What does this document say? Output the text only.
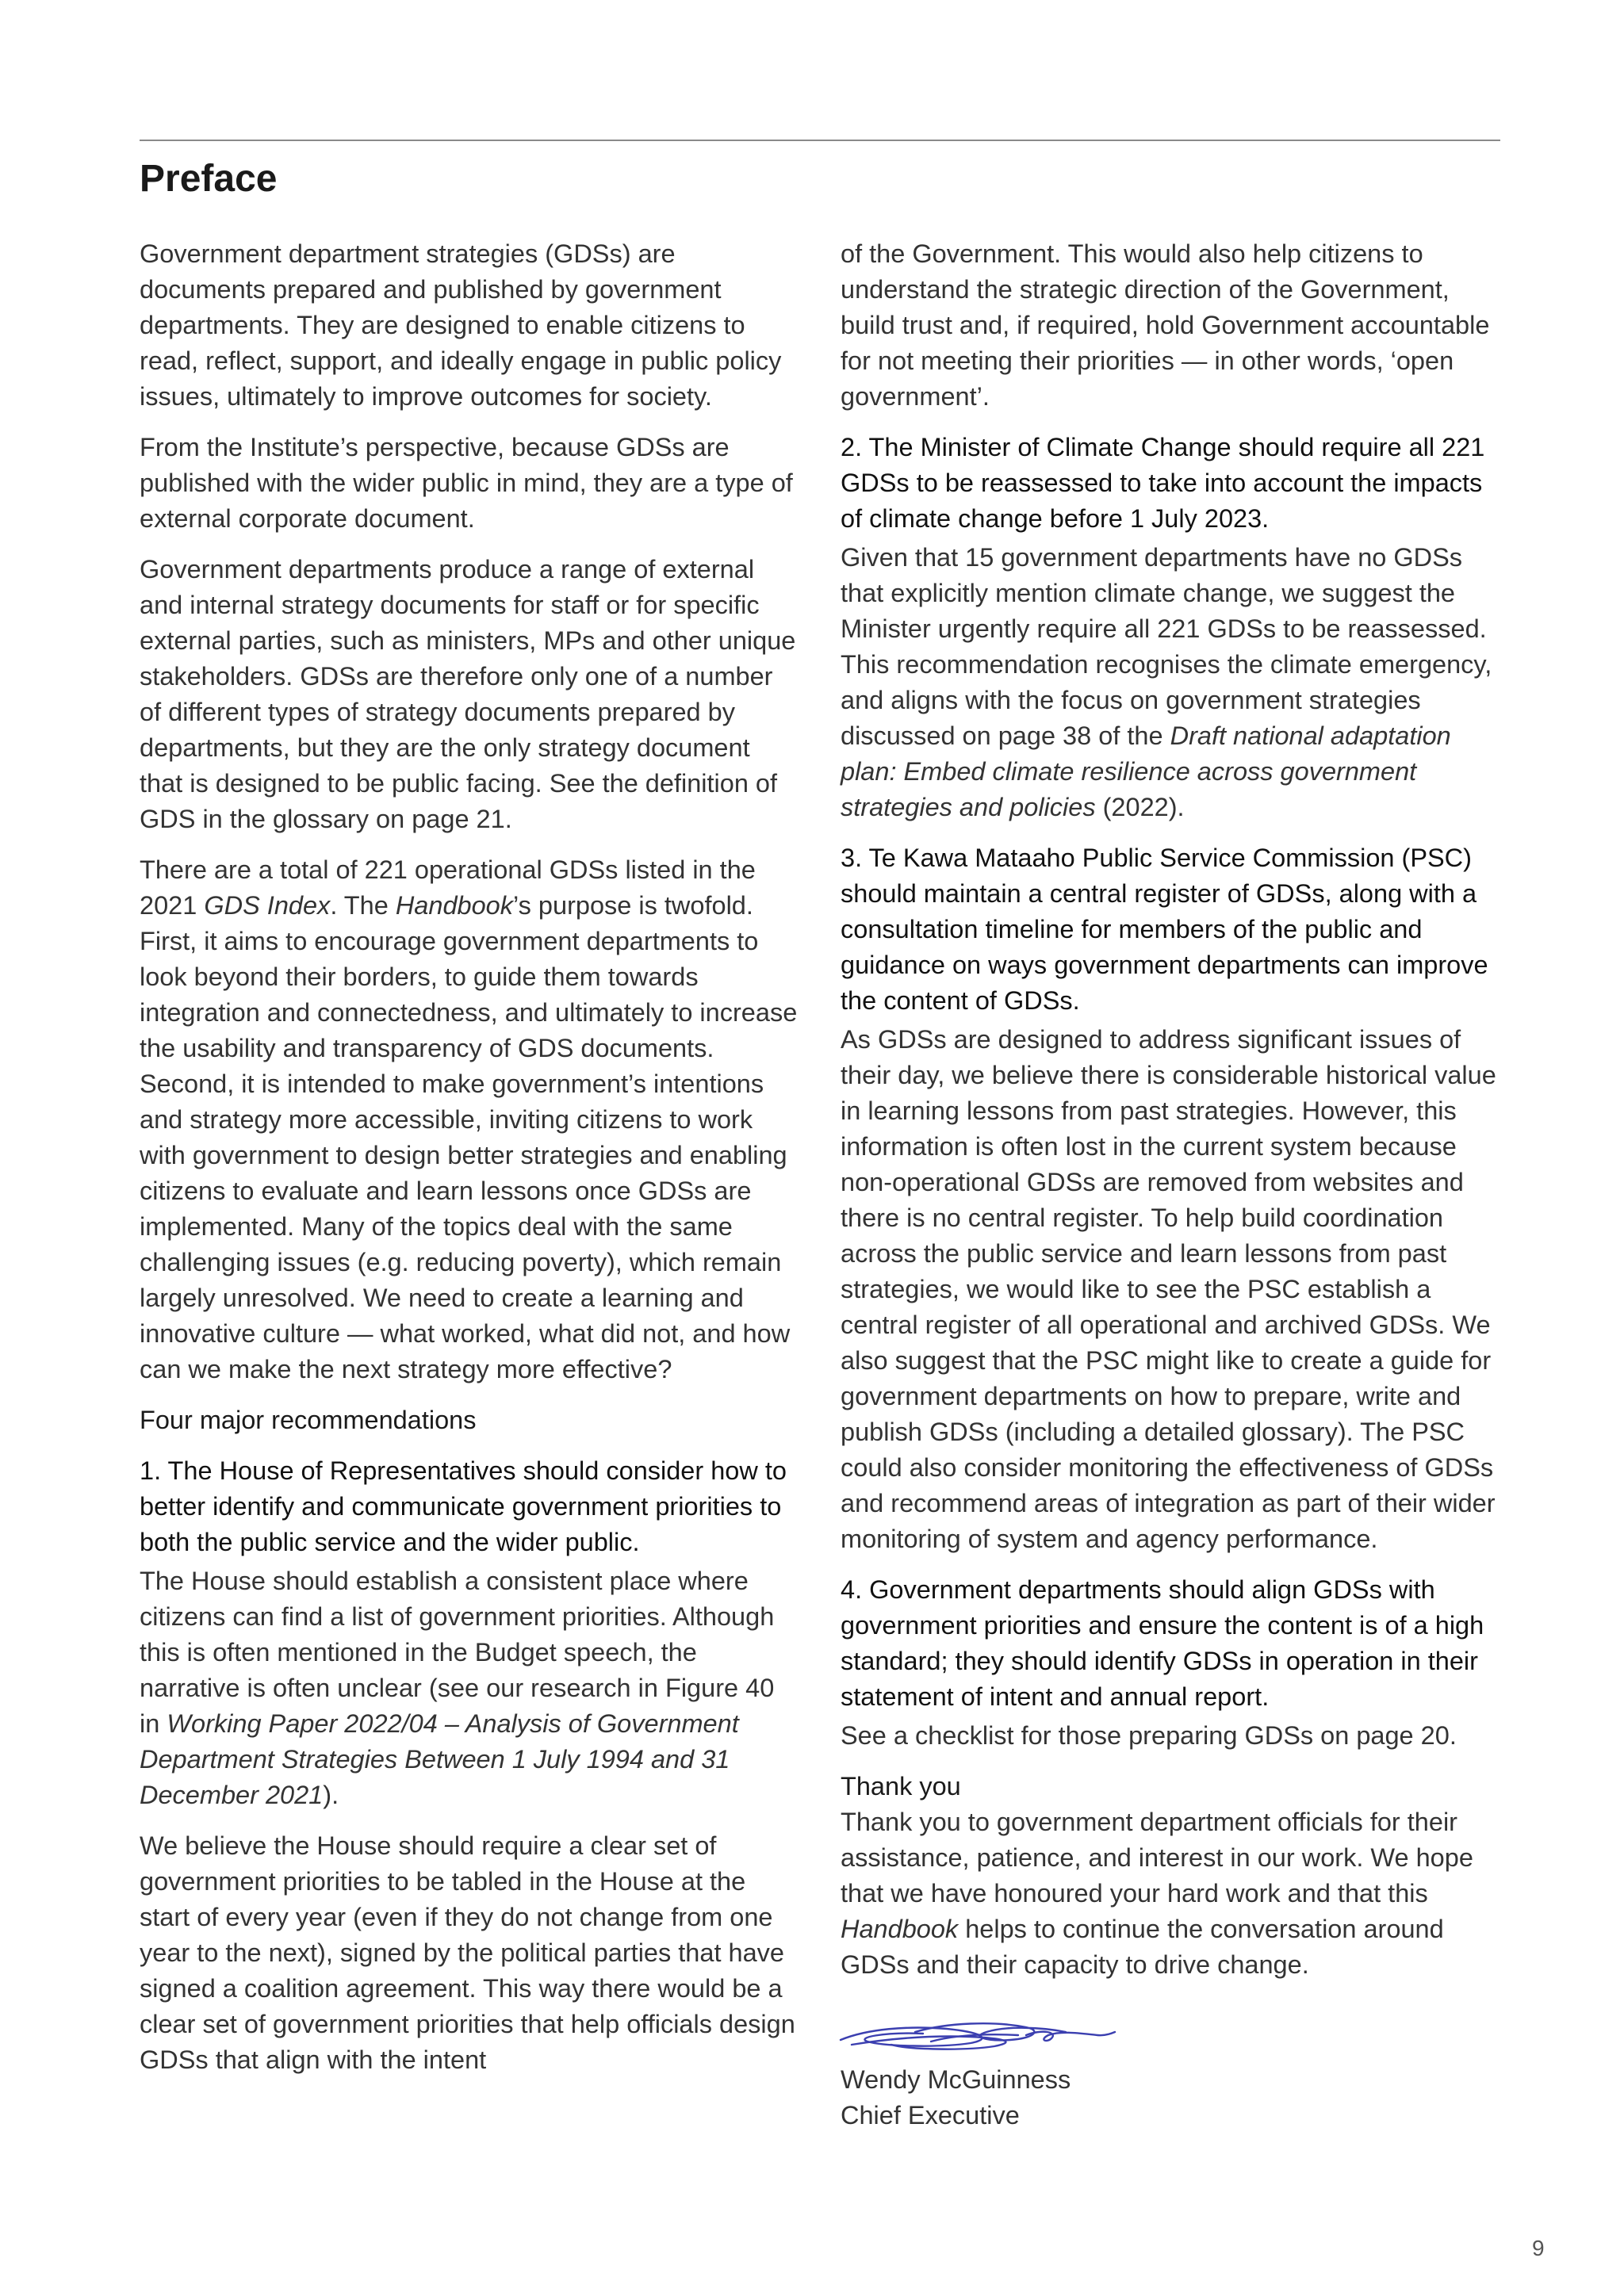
Preface

Government department strategies (GDSs) are documents prepared and published by government departments. They are designed to enable citizens to read, reflect, support, and ideally engage in public policy issues, ultimately to improve outcomes for society.

From the Institute’s perspective, because GDSs are published with the wider public in mind, they are a type of external corporate document.

Government departments produce a range of external and internal strategy documents for staff or for specific external parties, such as ministers, MPs and other unique stakeholders. GDSs are therefore only one of a number of different types of strategy documents prepared by departments, but they are the only strategy document that is designed to be public facing. See the definition of GDS in the glossary on page 21.

There are a total of 221 operational GDSs listed in the 2021 GDS Index. The Handbook’s purpose is twofold. First, it aims to encourage government departments to look beyond their borders, to guide them towards integration and connectedness, and ultimately to increase the usability and transparency of GDS documents. Second, it is intended to make government’s intentions and strategy more accessible, inviting citizens to work with government to design better strategies and enabling citizens to evaluate and learn lessons once GDSs are implemented. Many of the topics deal with the same challenging issues (e.g. reducing poverty), which remain largely unresolved. We need to create a learning and innovative culture — what worked, what did not, and how can we make the next strategy more effective?

Four major recommendations

1. The House of Representatives should consider how to better identify and communicate government priorities to both the public service and the wider public.

The House should establish a consistent place where citizens can find a list of government priorities. Although this is often mentioned in the Budget speech, the narrative is often unclear (see our research in Figure 40 in Working Paper 2022/04 – Analysis of Government Department Strategies Between 1 July 1994 and 31 December 2021).

We believe the House should require a clear set of government priorities to be tabled in the House at the start of every year (even if they do not change from one year to the next), signed by the political parties that have signed a coalition agreement. This way there would be a clear set of government priorities that help officials design GDSs that align with the intent

of the Government. This would also help citizens to understand the strategic direction of the Government, build trust and, if required, hold Government accountable for not meeting their priorities — in other words, ‘open government’.

2. The Minister of Climate Change should require all 221 GDSs to be reassessed to take into account the impacts of climate change before 1 July 2023.

Given that 15 government departments have no GDSs that explicitly mention climate change, we suggest the Minister urgently require all 221 GDSs to be reassessed. This recommendation recognises the climate emergency, and aligns with the focus on government strategies discussed on page 38 of the Draft national adaptation plan: Embed climate resilience across government strategies and policies (2022).

3. Te Kawa Mataaho Public Service Commission (PSC) should maintain a central register of GDSs, along with a consultation timeline for members of the public and guidance on ways government departments can improve the content of GDSs.

As GDSs are designed to address significant issues of their day, we believe there is considerable historical value in learning lessons from past strategies. However, this information is often lost in the current system because non-operational GDSs are removed from websites and there is no central register. To help build coordination across the public service and learn lessons from past strategies, we would like to see the PSC establish a central register of all operational and archived GDSs. We also suggest that the PSC might like to create a guide for government departments on how to prepare, write and publish GDSs (including a detailed glossary). The PSC could also consider monitoring the effectiveness of GDSs and recommend areas of integration as part of their wider monitoring of system and agency performance.

4. Government departments should align GDSs with government priorities and ensure the content is of a high standard; they should identify GDSs in operation in their statement of intent and annual report.

See a checklist for those preparing GDSs on page 20.

Thank you

Thank you to government department officials for their assistance, patience, and interest in our work. We hope that we have honoured your hard work and that this Handbook helps to continue the conversation around GDSs and their capacity to drive change.

Wendy McGuinness

Chief Executive

9
